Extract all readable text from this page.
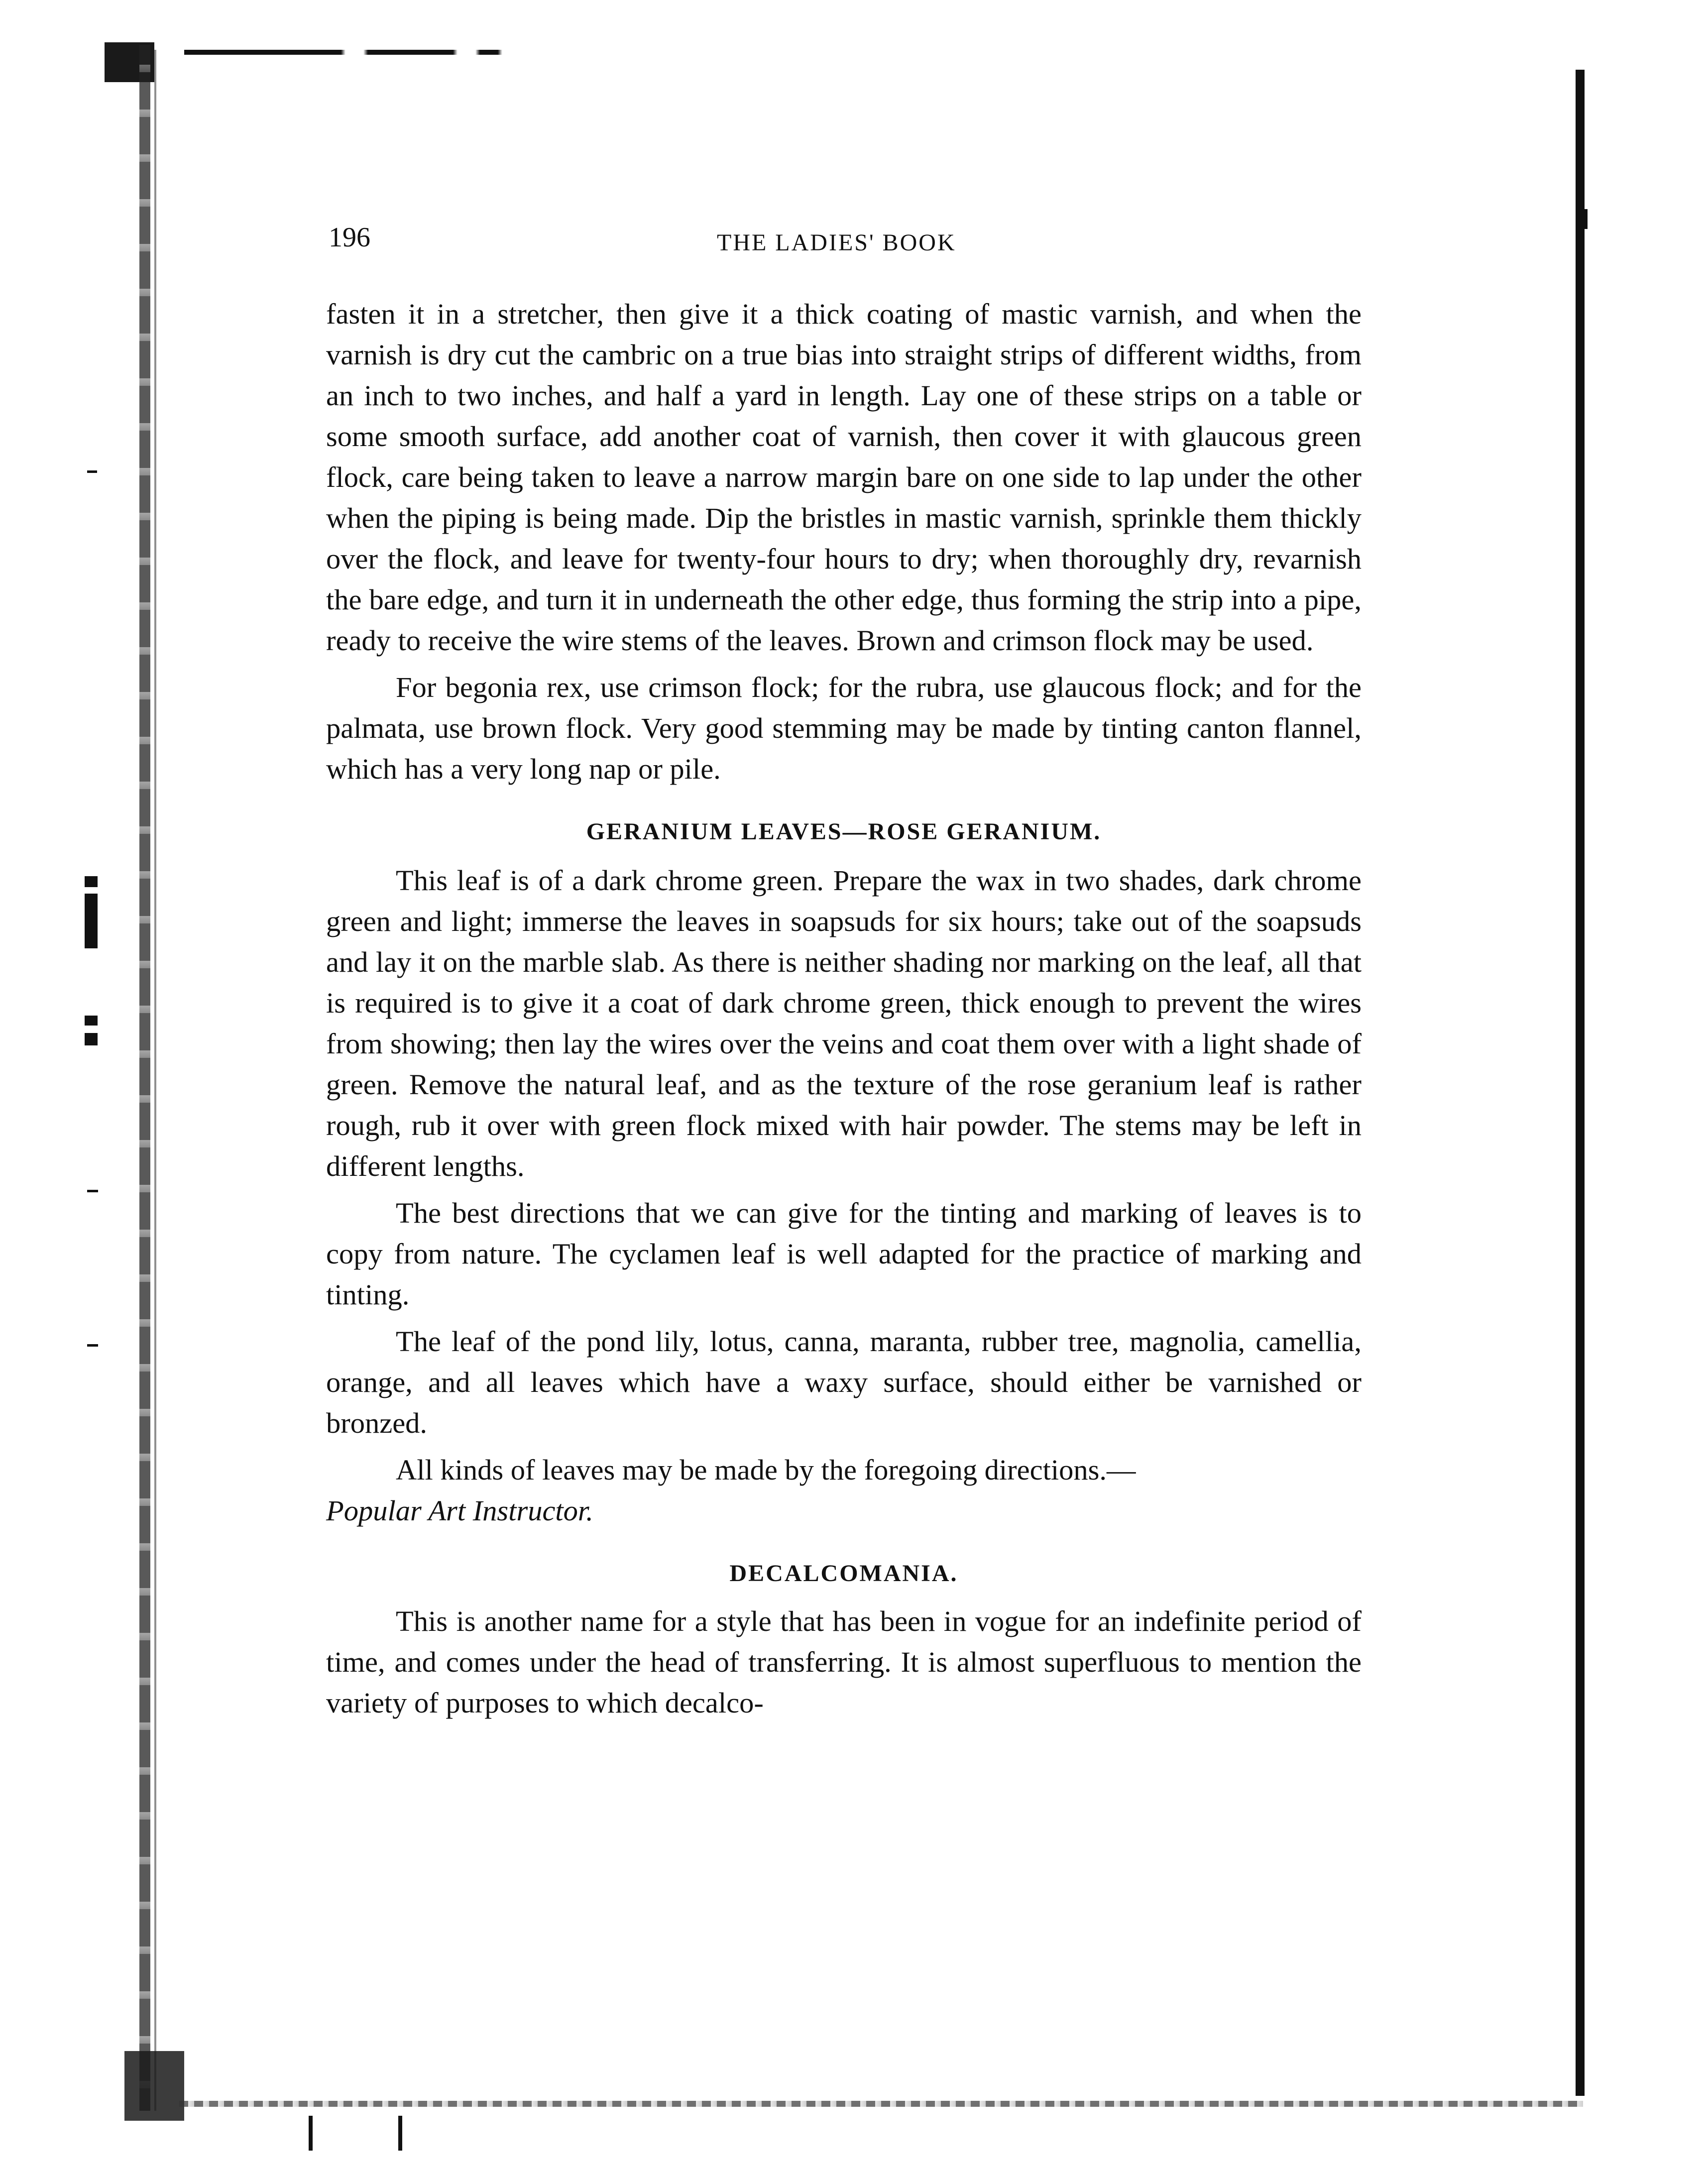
196	THE LADIES' BOOK

fasten it in a stretcher, then give it a thick coating of mastic varnish, and when the varnish is dry cut the cambric on a true bias into straight strips of different widths, from an inch to two inches, and half a yard in length. Lay one of these strips on a table or some smooth surface, add another coat of varnish, then cover it with glaucous green flock, care being taken to leave a narrow margin bare on one side to lap under the other when the piping is being made. Dip the bristles in mastic varnish, sprinkle them thickly over the flock, and leave for twenty-four hours to dry; when thoroughly dry, revarnish the bare edge, and turn it in underneath the other edge, thus forming the strip into a pipe, ready to receive the wire stems of the leaves. Brown and crimson flock may be used.

For begonia rex, use crimson flock; for the rubra, use glaucous flock; and for the palmata, use brown flock. Very good stemming may be made by tinting canton flannel, which has a very long nap or pile.

GERANIUM LEAVES—ROSE GERANIUM.

This leaf is of a dark chrome green. Prepare the wax in two shades, dark chrome green and light; immerse the leaves in soapsuds for six hours; take out of the soapsuds and lay it on the marble slab. As there is neither shading nor marking on the leaf, all that is required is to give it a coat of dark chrome green, thick enough to prevent the wires from showing; then lay the wires over the veins and coat them over with a light shade of green. Remove the natural leaf, and as the texture of the rose geranium leaf is rather rough, rub it over with green flock mixed with hair powder. The stems may be left in different lengths.

The best directions that we can give for the tinting and marking of leaves is to copy from nature. The cyclamen leaf is well adapted for the practice of marking and tinting.

The leaf of the pond lily, lotus, canna, maranta, rubber tree, magnolia, camellia, orange, and all leaves which have a waxy surface, should either be varnished or bronzed.

All kinds of leaves may be made by the foregoing directions.—
Popular Art Instructor.

DECALCOMANIA.

This is another name for a style that has been in vogue for an indefinite period of time, and comes under the head of transferring. It is almost superfluous to mention the variety of purposes to which decalco-
